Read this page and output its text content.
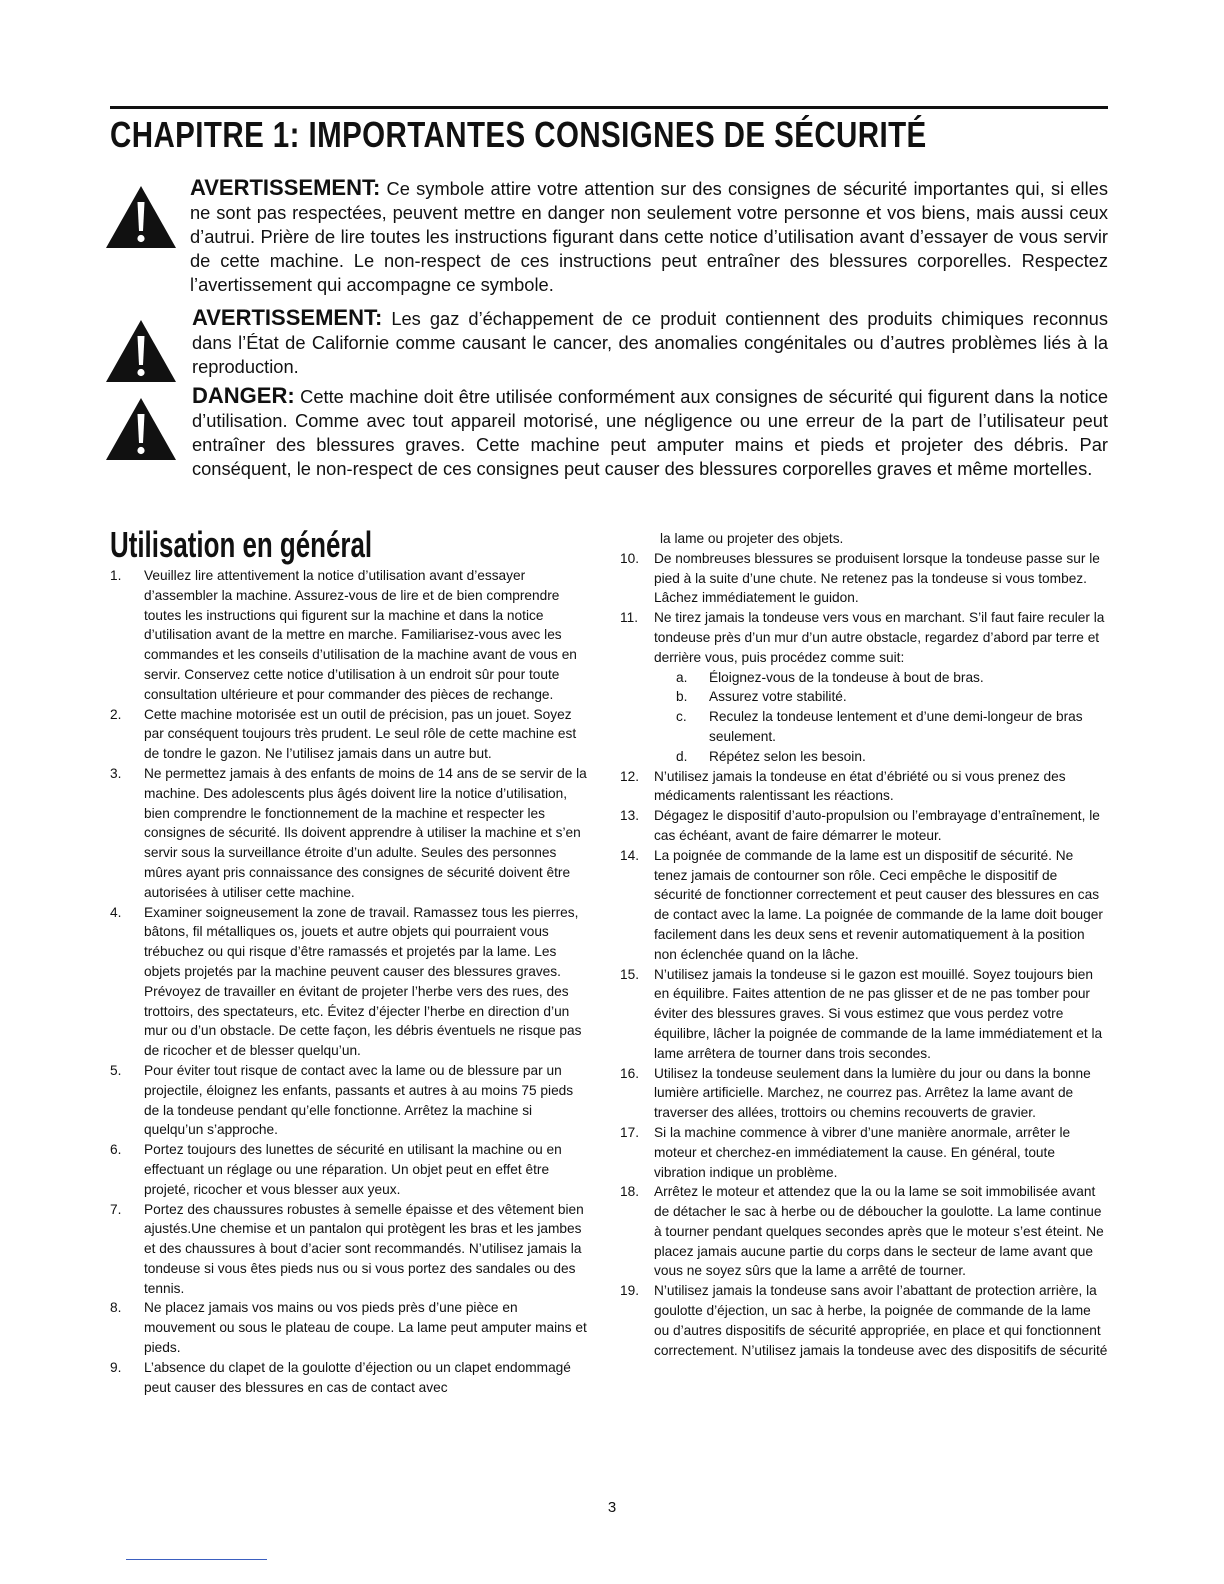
CHAPITRE 1: IMPORTANTES CONSIGNES DE SÉCURITÉ
AVERTISSEMENT: Ce symbole attire votre attention sur des consignes de sécurité importantes qui, si elles ne sont pas respectées, peuvent mettre en danger non seulement votre personne et vos biens, mais aussi ceux d’autrui. Prière de lire toutes les instructions figurant dans cette notice d’utilisation avant d’essayer de vous servir de cette machine. Le non-respect de ces instructions peut entraîner des blessures corporelles. Respectez l’avertissement qui accompagne ce symbole.
AVERTISSEMENT: Les gaz d’échappement de ce produit contiennent des produits chimiques reconnus dans l’État de Californie comme causant le cancer, des anomalies congénitales ou d’autres problèmes liés à la reproduction.
DANGER: Cette machine doit être utilisée conformément aux consignes de sécurité qui figurent dans la notice d’utilisation. Comme avec tout appareil motorisé, une négligence ou une erreur de la part de l’utilisateur peut entraîner des blessures graves. Cette machine peut amputer mains et pieds et projeter des débris. Par conséquent, le non-respect de ces consignes peut causer des blessures corporelles graves et même mortelles.
Utilisation en général
1.	Veuillez lire attentivement la notice d’utilisation avant d’essayer d’assembler la machine. Assurez-vous de lire et de bien comprendre toutes les instructions qui figurent sur la machine et dans la notice d’utilisation avant de la mettre en marche. Familiarisez-vous avec les commandes et les conseils d’utilisation de la machine avant de vous en servir. Conservez cette notice d’utilisation à un endroit sûr pour toute consultation ultérieure et pour commander des pièces de rechange.
2.	Cette machine motorisée est un outil de précision, pas un jouet. Soyez par conséquent toujours très prudent. Le seul rôle de cette machine est de tondre le gazon. Ne l’utilisez jamais dans un autre but.
3.	Ne permettez jamais à des enfants de moins de 14 ans de se servir de la machine. Des adolescents plus âgés doivent lire la notice d’utilisation, bien comprendre le fonctionnement de la machine et respecter les consignes de sécurité. Ils doivent apprendre à utiliser la machine et s’en servir sous la surveillance étroite d’un adulte. Seules des personnes mûres ayant pris connaissance des consignes de sécurité doivent être autorisées à utiliser cette machine.
4.	Examiner soigneusement la zone de travail. Ramassez tous les pierres, bâtons, fil métalliques os, jouets et autre objets qui pourraient vous trébuchez ou qui risque d’être ramassés et projetés par la lame. Les objets projetés par la machine peuvent causer des blessures graves. Prévoyez de travailler en évitant de projeter l’herbe vers des rues, des trottoirs, des spectateurs, etc. Évitez d’éjecter l’herbe en direction d’un mur ou d’un obstacle. De cette façon, les débris éventuels ne risque pas de ricocher et de blesser quelqu’un.
5.	Pour éviter tout risque de contact avec la lame ou de blessure par un projectile, éloignez les enfants, passants et autres à au moins 75 pieds de la tondeuse pendant qu’elle fonctionne. Arrêtez la machine si quelqu’un s’approche.
6.	Portez toujours des lunettes de sécurité en utilisant la machine ou en effectuant un réglage ou une réparation. Un objet peut en effet être projeté, ricocher et vous blesser aux yeux.
7.	Portez des chaussures robustes à semelle épaisse et des vêtement bien ajustés.Une chemise et un pantalon qui protègent les bras et les jambes et des chaussures à bout d’acier sont recommandés. N’utilisez jamais la tondeuse si vous êtes pieds nus ou si vous portez des sandales ou des tennis.
8.	Ne placez jamais vos mains ou vos pieds près d’une pièce en mouvement ou sous le plateau de coupe. La lame peut amputer mains et pieds.
9.	L’absence du clapet de la goulotte d’éjection ou un clapet endommagé peut causer des blessures en cas de contact avec
la lame ou projeter des objets.
10.	De nombreuses blessures se produisent lorsque la tondeuse passe sur le pied à la suite d’une chute. Ne retenez pas la tondeuse si vous tombez. Lâchez immédiatement le guidon.
11.	Ne tirez jamais la tondeuse vers vous en marchant. S’il faut faire reculer la tondeuse près d’un mur d’un autre obstacle, regardez d’abord par terre et derrière vous, puis procédez comme suit:
a. Éloignez-vous de la tondeuse à bout de bras.
b. Assurez votre stabilité.
c. Reculez la tondeuse lentement et d’une demi-longeur de bras seulement.
d. Répétez selon les besoin.
12.	N’utilisez jamais la tondeuse en état d’ébriété ou si vous prenez des médicaments ralentissant les réactions.
13.	Dégagez le dispositif d’auto-propulsion ou l’embrayage d’entraînement, le cas échéant, avant de faire démarrer le moteur.
14.	La poignée de commande de la lame est un dispositif de sécurité. Ne tenez jamais de contourner son rôle. Ceci empêche le dispositif de sécurité de fonctionner correctement et peut causer des blessures en cas de contact avec la lame. La poignée de commande de la lame doit bouger facilement dans les deux sens et revenir automatiquement à la position non éclenchée quand on la lâche.
15.	N’utilisez jamais la tondeuse si le gazon est mouillé. Soyez toujours bien en équilibre. Faites attention de ne pas glisser et de ne pas tomber pour éviter des blessures graves. Si vous estimez que vous perdez votre équilibre, lâcher la poignée de commande de la lame immédiatement et la lame arrêtera de tourner dans trois secondes.
16.	Utilisez la tondeuse seulement dans la lumière du jour ou dans la bonne lumière artificielle. Marchez, ne courrez pas. Arrêtez la lame avant de traverser des allées, trottoirs ou chemins recouverts de gravier.
17.	Si la machine commence à vibrer d’une manière anormale, arrêter le moteur et cherchez-en immédiatement la cause. En général, toute vibration indique un problème.
18.	Arrêtez le moteur et attendez que la ou la lame se soit immobilisée avant de détacher le sac à herbe ou de déboucher la goulotte. La lame continue à tourner pendant quelques secondes après que le moteur s’est éteint. Ne placez jamais aucune partie du corps dans le secteur de lame avant que vous ne soyez sûrs que la lame a arrêté de tourner.
19.	N’utilisez jamais la tondeuse sans avoir l’abattant de protection arrière, la goulotte d’éjection, un sac à herbe, la poignée de commande de la lame ou d’autres dispositifs de sécurité appropriée, en place et qui fonctionnent correctement. N’utilisez jamais la tondeuse avec des dispositifs de sécurité
3
